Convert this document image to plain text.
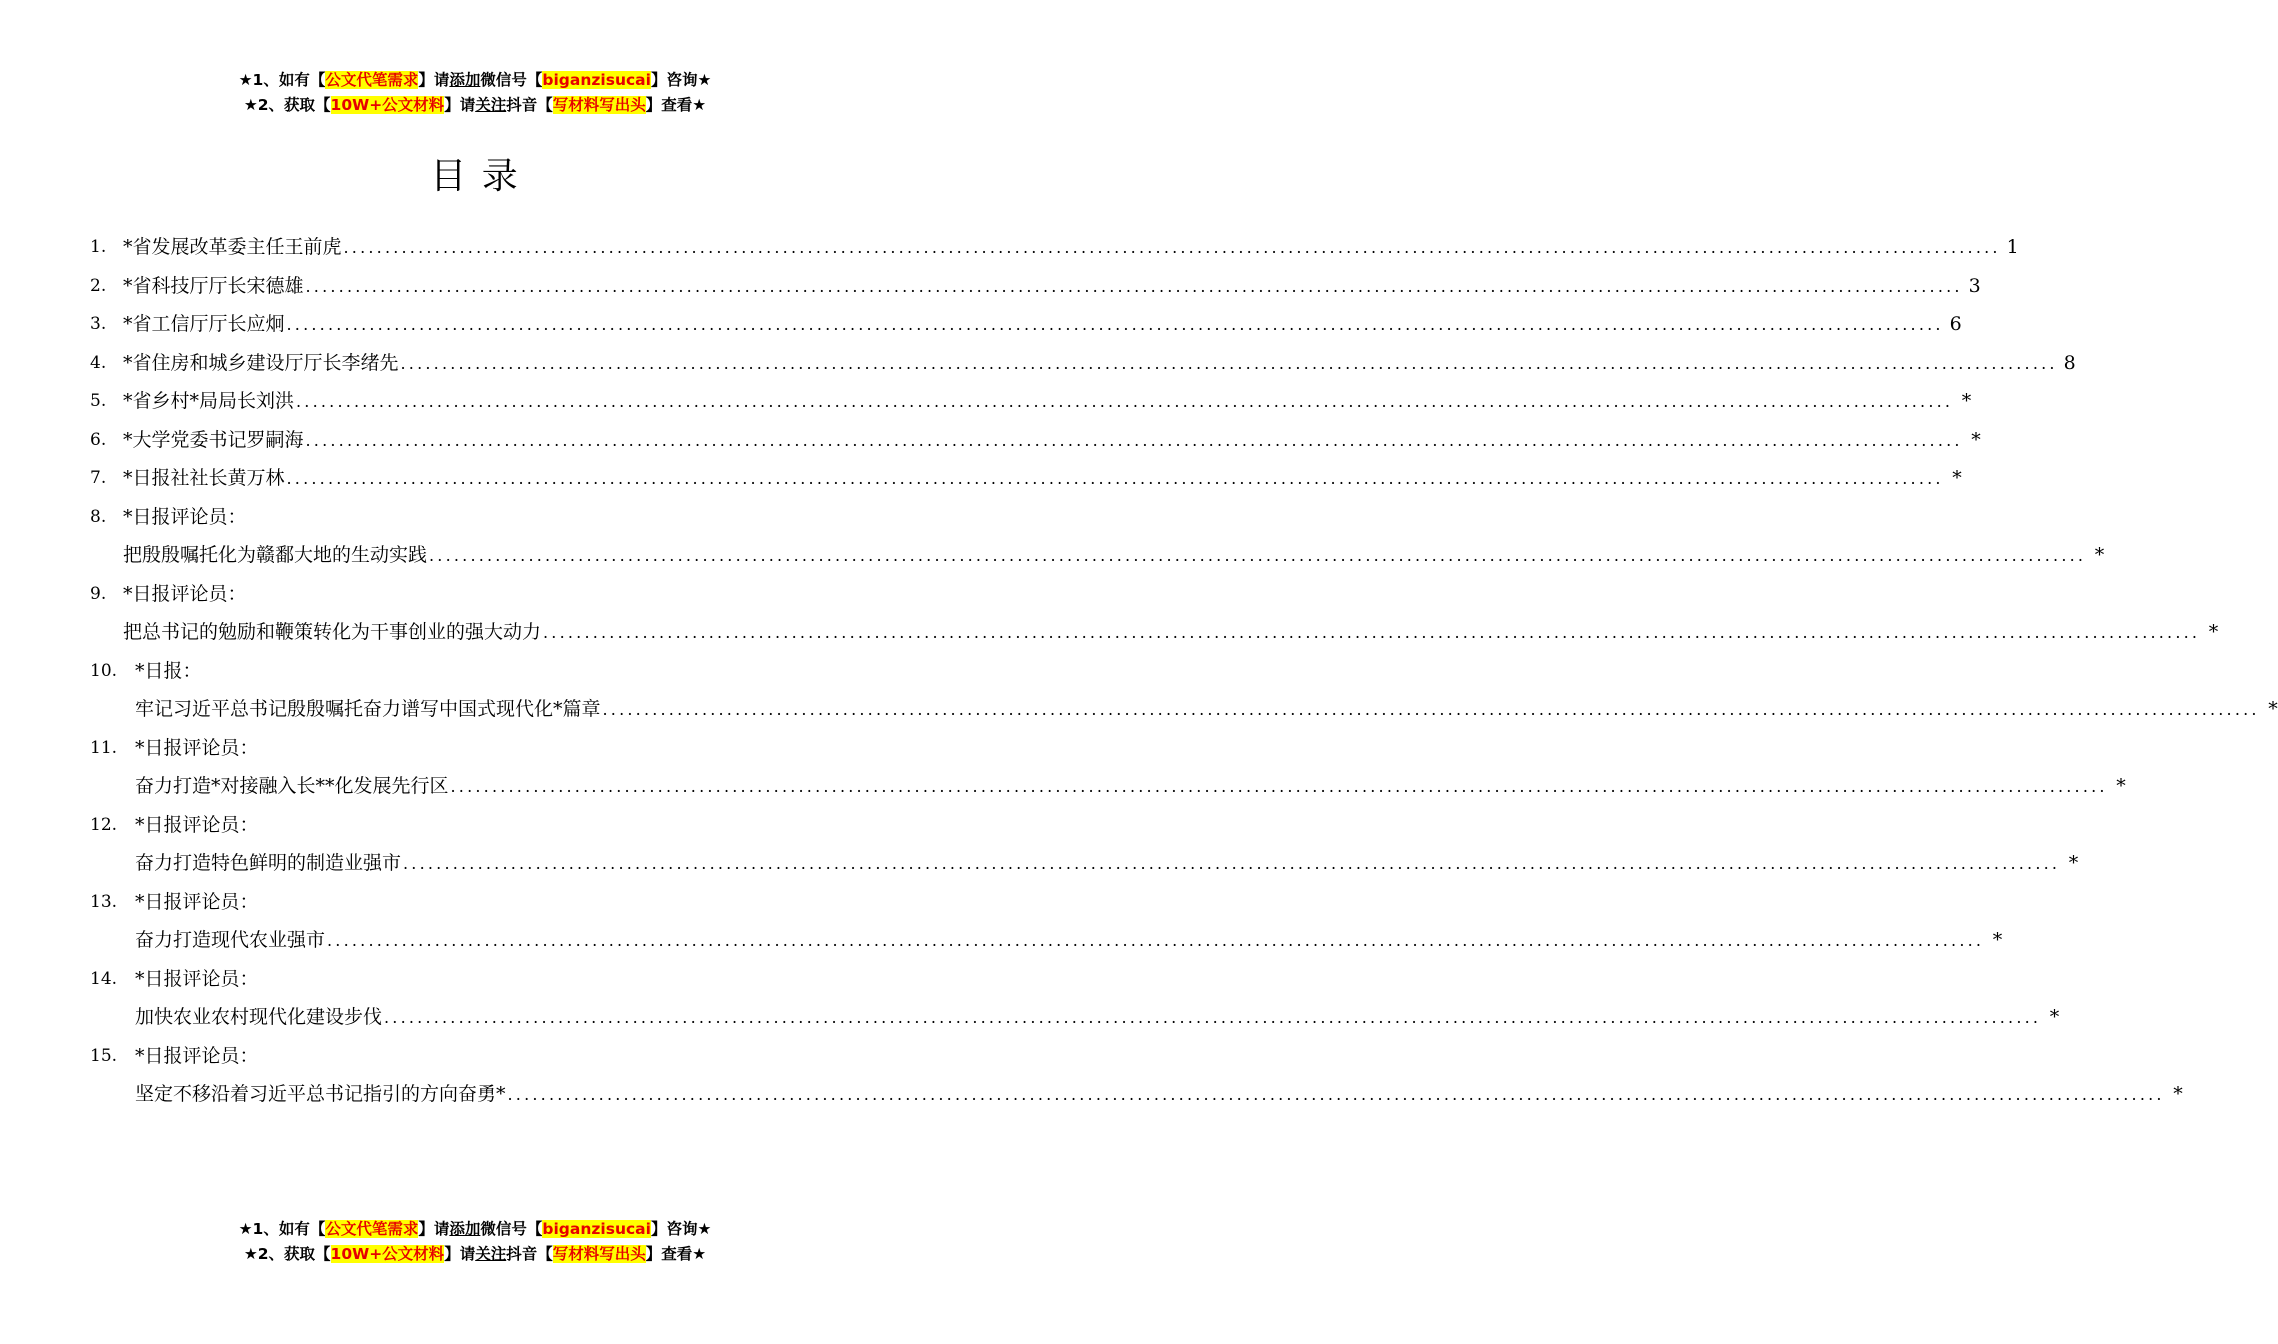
★1、如有【公文代笔需求】请添加微信号【biganzisucai】咨询★
★2、获取【10W+公文材料】请关注抖音【写材料写出头】查看★
目 录
1. *省发展改革委主任王前虎 ........................................................................................................................................................................................................ 1
2. *省科技厅厅长宋德雄 ........................................................................................................................................................................................................ 3
3. *省工信厅厅长应炯 ........................................................................................................................................................................................................ 6
4. *省住房和城乡建设厅厅长李绪先 ........................................................................................................................................................................................................ 8
5. *省乡村*局局长刘洪 ........................................................................................................................................................................................................ *
6. *大学党委书记罗嗣海 ........................................................................................................................................................................................................ *
7. *日报社社长黄万林 ........................................................................................................................................................................................................ *
8. *日报评论员：
把殷殷嘱托化为赣鄱大地的生动实践 ........................................................................................................................................................................................................ *
9. *日报评论员：
把总书记的勉励和鞭策转化为干事创业的强大动力 ........................................................................................................................................................................................................ *
10. *日报：
牢记习近平总书记殷殷嘱托奋力谱写中国式现代化*篇章 ........................................................................................................................................................................................................ *
11. *日报评论员：
奋力打造*对接融入长**化发展先行区 ........................................................................................................................................................................................................ *
12. *日报评论员：
奋力打造特色鲜明的制造业强市 ........................................................................................................................................................................................................ *
13. *日报评论员：
奋力打造现代农业强市 ........................................................................................................................................................................................................ *
14. *日报评论员：
加快农业农村现代化建设步伐 ........................................................................................................................................................................................................ *
15. *日报评论员：
坚定不移沿着习近平总书记指引的方向奋勇* ........................................................................................................................................................................................................ *
★1、如有【公文代笔需求】请添加微信号【biganzisucai】咨询★
★2、获取【10W+公文材料】请关注抖音【写材料写出头】查看★
